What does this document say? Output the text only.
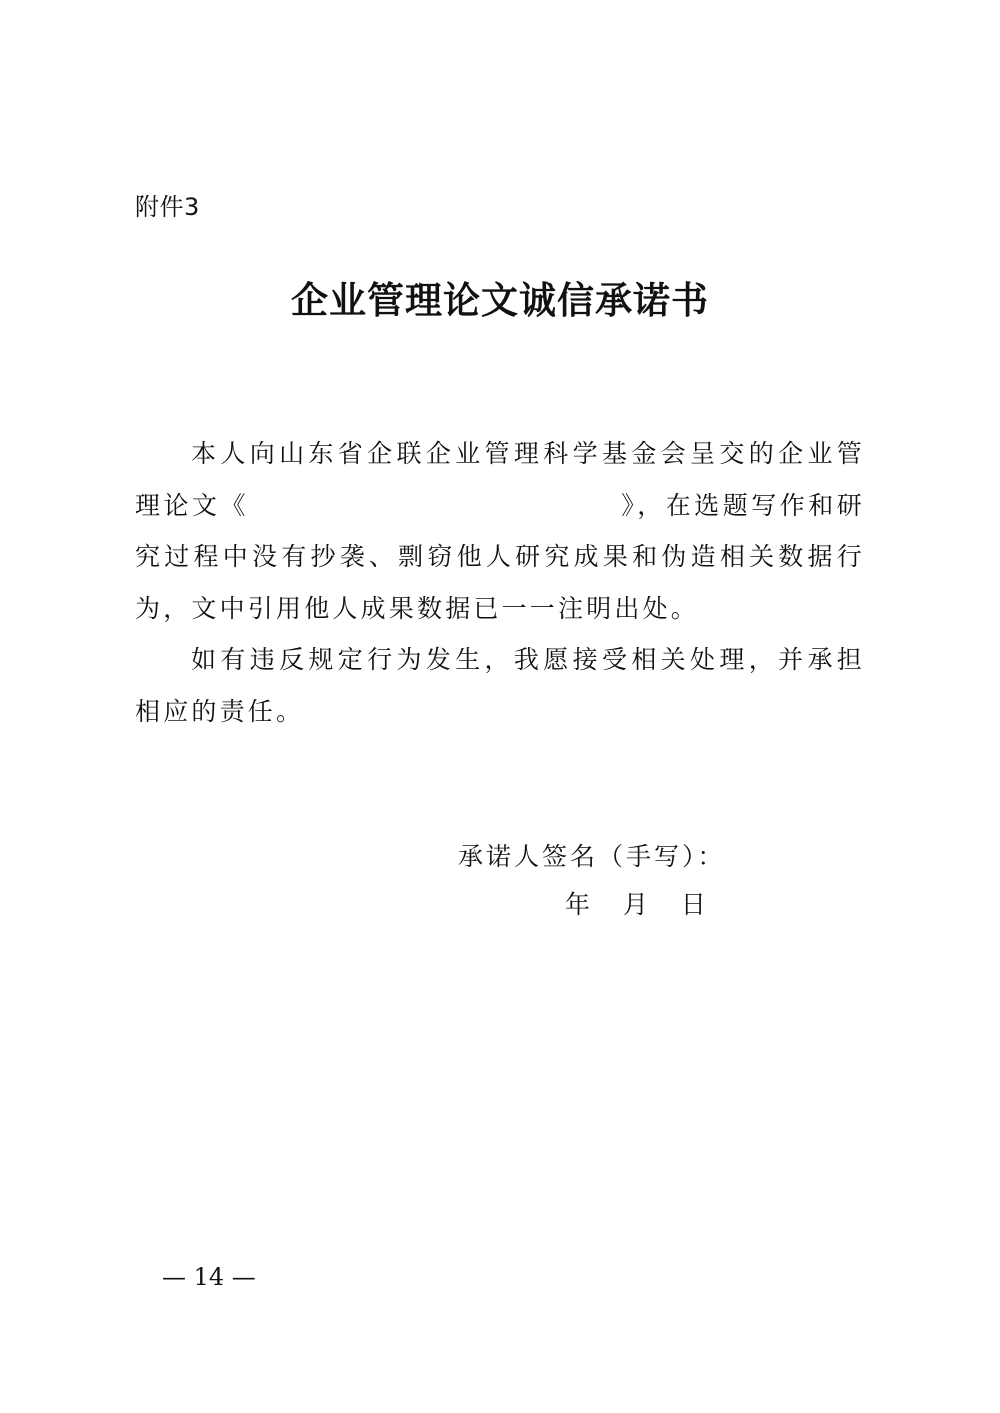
附件3
企业管理论文诚信承诺书

本人向山东省企联企业管理科学基金会呈交的企业管理论文《	》，在选题写作和研究过程中没有抄袭、剽窃他人研究成果和伪造相关数据行为，文中引用他人成果数据已一一注明出处。

如有违反规定行为发生，我愿接受相关处理，并承担相应的责任。

承诺人签名（手写）：
年　 月　 日
— 14 —
